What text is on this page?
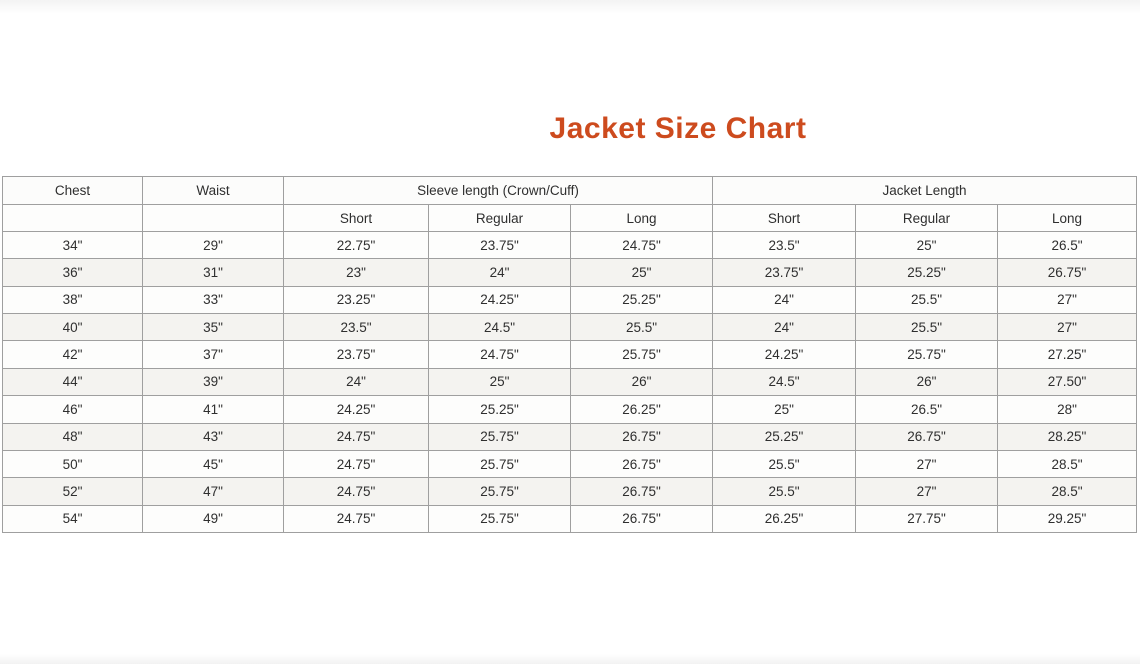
Jacket Size Chart
Chest	Waist	Sleeve length (Crown/Cuff)			Jacket Length		
		Short	Regular	Long	Short	Regular	Long
34"	29"	22.75"	23.75"	24.75"	23.5"	25"	26.5"
36"	31"	23"	24"	25"	23.75"	25.25"	26.75"
38"	33"	23.25"	24.25"	25.25"	24"	25.5"	27"
40"	35"	23.5"	24.5"	25.5"	24"	25.5"	27"
42"	37"	23.75"	24.75"	25.75"	24.25"	25.75"	27.25"
44"	39"	24"	25"	26"	24.5"	26"	27.50"
46"	41"	24.25"	25.25"	26.25"	25"	26.5"	28"
48"	43"	24.75"	25.75"	26.75"	25.25"	26.75"	28.25"
50"	45"	24.75"	25.75"	26.75"	25.5"	27"	28.5"
52"	47"	24.75"	25.75"	26.75"	25.5"	27"	28.5"
54"	49"	24.75"	25.75"	26.75"	26.25"	27.75"	29.25"
